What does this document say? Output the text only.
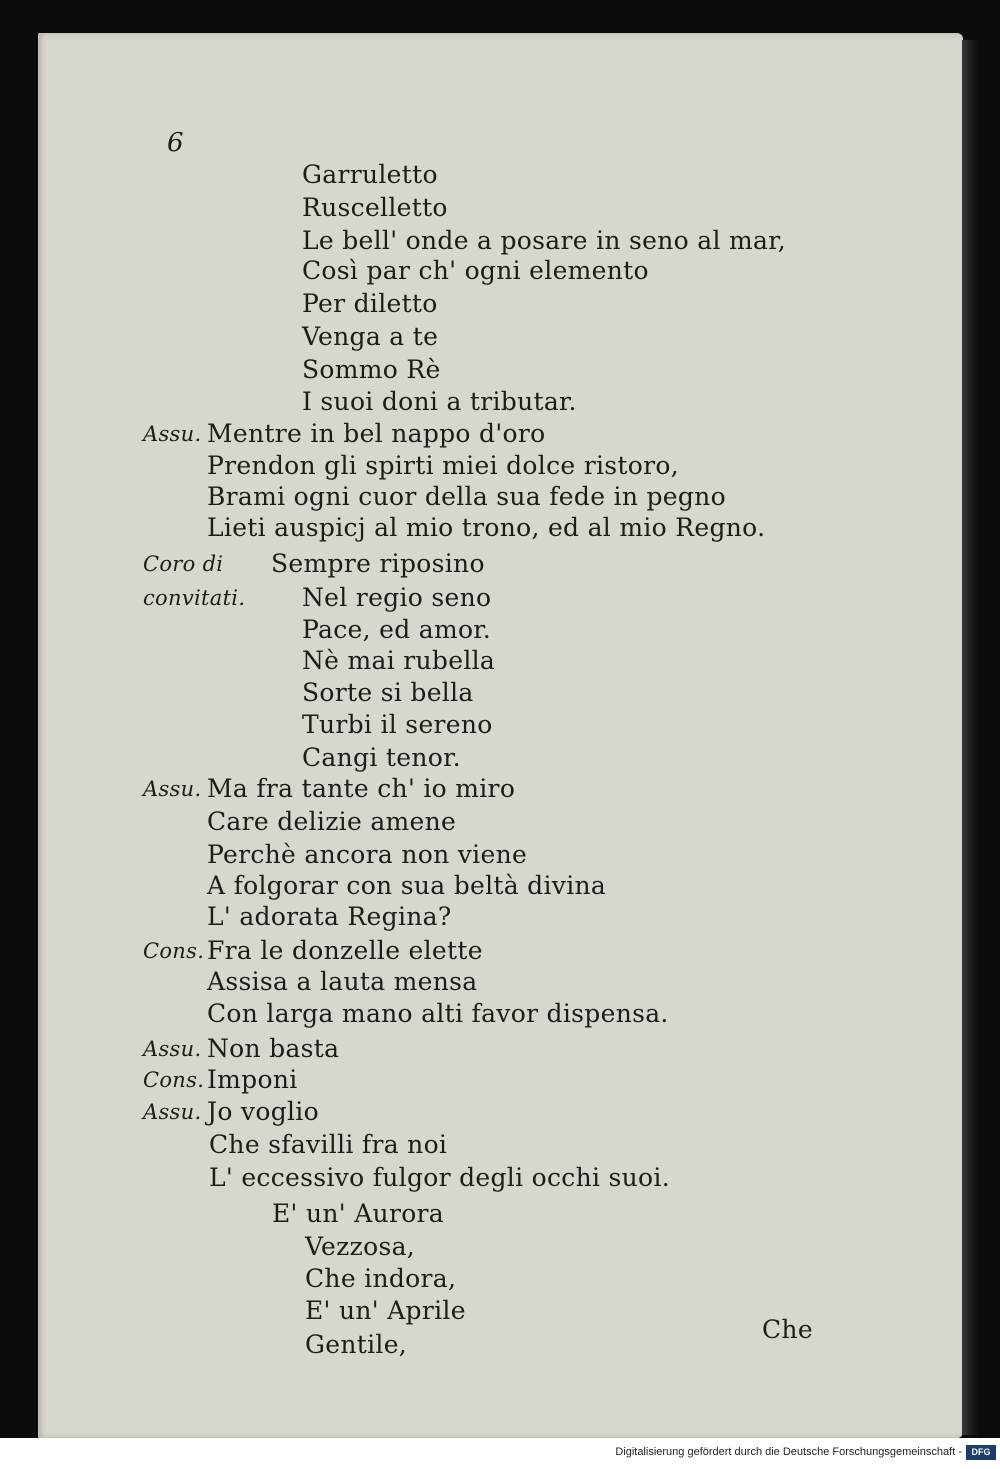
6
Garruletto
Ruscelletto
Le bell' onde a posare in seno al mar,
Così par ch' ogni elemento
Per diletto
Venga a te
Sommo Rè
I suoi doni a tributar.
Assu. Mentre in bel nappo d'oro
Prendon gli spirti miei dolce ristoro,
Brami ogni cuor della sua fede in pegno
Lieti auspicj al mio trono, ed al mio Regno.
Coro di Sempre riposino
convitati. Nel regio seno
Pace, ed amor.
Nè mai rubella
Sorte si bella
Turbi il sereno
Cangi tenor.
Assu. Ma fra tante ch' io miro
Care delizie amene
Perchè ancora non viene
A folgorar con sua beltà divina
L' adorata Regina?
Cons. Fra le donzelle elette
Assisa a lauta mensa
Con larga mano alti favor dispensa.
Assu. Non basta
Cons. Imponi
Assu. Jo voglio
Che sfavilli fra noi
L' eccessivo fulgor degli occhi suoi.
E' un' Aurora
Vezzosa,
Che indora,
E' un' Aprile
Gentile,
Che
Digitalisierung gefördert durch die Deutsche Forschungsgemeinschaft -	DFG
